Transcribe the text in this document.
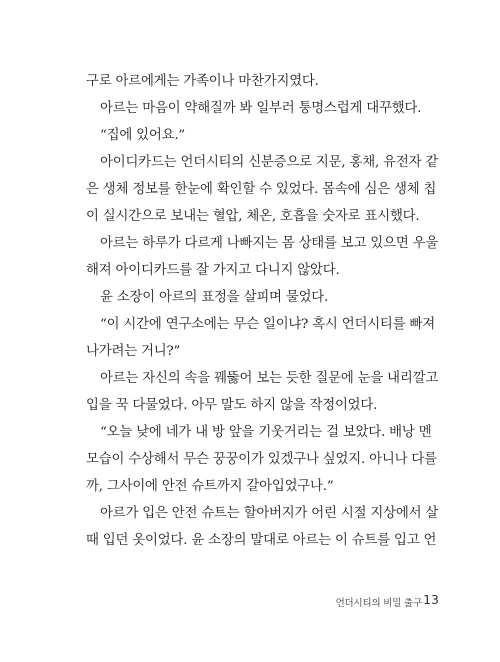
구로 아르에게는 가족이나 마찬가지였다.
아르는 마음이 약해질까 봐 일부러 퉁명스럽게 대꾸했다.
“집에 있어요.”
아이디카드는 언더시티의 신분증으로 지문, 홍채, 유전자 같
은 생체 정보를 한눈에 확인할 수 있었다. 몸속에 심은 생체 칩
이 실시간으로 보내는 혈압, 체온, 호흡을 숫자로 표시했다.
아르는 하루가 다르게 나빠지는 몸 상태를 보고 있으면 우울
해져 아이디카드를 잘 가지고 다니지 않았다.
윤 소장이 아르의 표정을 살피며 물었다.
“이 시간에 연구소에는 무슨 일이냐? 혹시 언더시티를 빠져
나가려는 거니?”
아르는 자신의 속을 꿰뚫어 보는 듯한 질문에 눈을 내리깔고
입을 꾹 다물었다. 아무 말도 하지 않을 작정이었다.
“오늘 낮에 네가 내 방 앞을 기웃거리는 걸 보았다. 배낭 멘
모습이 수상해서 무슨 꿍꿍이가 있겠구나 싶었지. 아니나 다를
까, 그사이에 안전 슈트까지 갈아입었구나.”
아르가 입은 안전 슈트는 할아버지가 어린 시절 지상에서 살
때 입던 옷이었다. 윤 소장의 말대로 아르는 이 슈트를 입고 언
언더시티의 비밀 출구 13
